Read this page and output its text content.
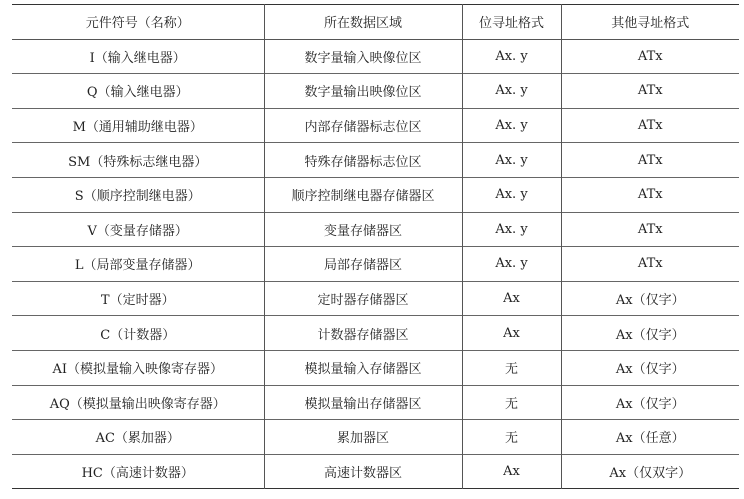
元件符号（名称）	所在数据区域	位寻址格式	其他寻址格式
I（输入继电器）	数字量输入映像位区	Ax. y	ATx
Q（输入继电器）	数字量输出映像位区	Ax. y	ATx
M（通用辅助继电器）	内部存储器标志位区	Ax. y	ATx
SM（特殊标志继电器）	特殊存储器标志位区	Ax. y	ATx
S（顺序控制继电器）	顺序控制继电器存储器区	Ax. y	ATx
V（变量存储器）	变量存储器区	Ax. y	ATx
L（局部变量存储器）	局部存储器区	Ax. y	ATx
T（定时器）	定时器存储器区	Ax	Ax（仅字）
C（计数器）	计数器存储器区	Ax	Ax（仅字）
AI（模拟量输入映像寄存器）	模拟量输入存储器区	无	Ax（仅字）
AQ（模拟量输出映像寄存器）	模拟量输出存储器区	无	Ax（仅字）
AC（累加器）	累加器区	无	Ax（任意）
HC（高速计数器）	高速计数器区	Ax	Ax（仅双字）
